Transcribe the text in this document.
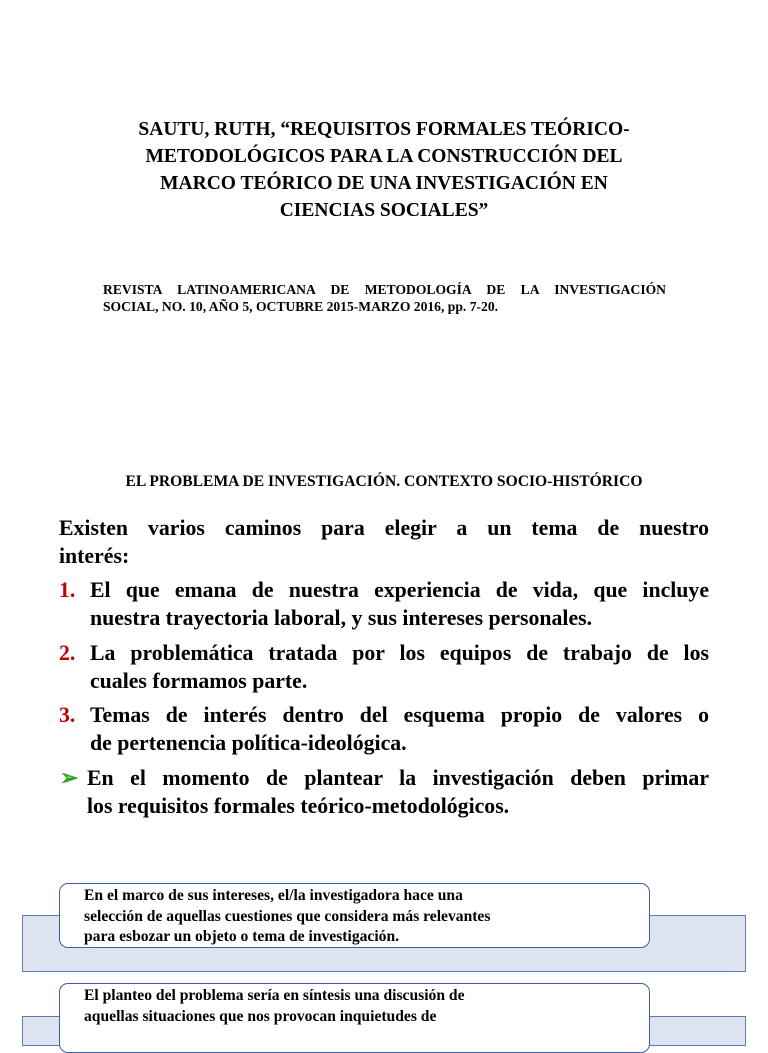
SAUTU, RUTH, “REQUISITOS FORMALES TEÓRICO-
METODOLÓGICOS PARA LA CONSTRUCCIÓN DEL
MARCO TEÓRICO DE UNA INVESTIGACIÓN EN
CIENCIAS SOCIALES”

REVISTA LATINOAMERICANA DE METODOLOGÍA DE LA INVESTIGACIÓN
SOCIAL, NO. 10, AÑO 5, OCTUBRE 2015-MARZO 2016, pp. 7-20.

EL PROBLEMA DE INVESTIGACIÓN. CONTEXTO SOCIO-HISTÓRICO

Existen varios caminos para elegir a un tema de nuestro
interés:

1. El que emana de nuestra experiencia de vida, que incluye
nuestra trayectoria laboral, y sus intereses personales.
2. La problemática tratada por los equipos de trabajo de los
cuales formamos parte.
3. Temas de interés dentro del esquema propio de valores o
de pertenencia política-ideológica.
➢ En el momento de plantear la investigación deben primar
los requisitos formales teórico-metodológicos.
En el marco de sus intereses, el/la investigadora hace una
selección de aquellas cuestiones que considera más relevantes
para esbozar un objeto o tema de investigación.
El planteo del problema sería en síntesis una discusión de
aquellas situaciones que nos provocan inquietudes de
